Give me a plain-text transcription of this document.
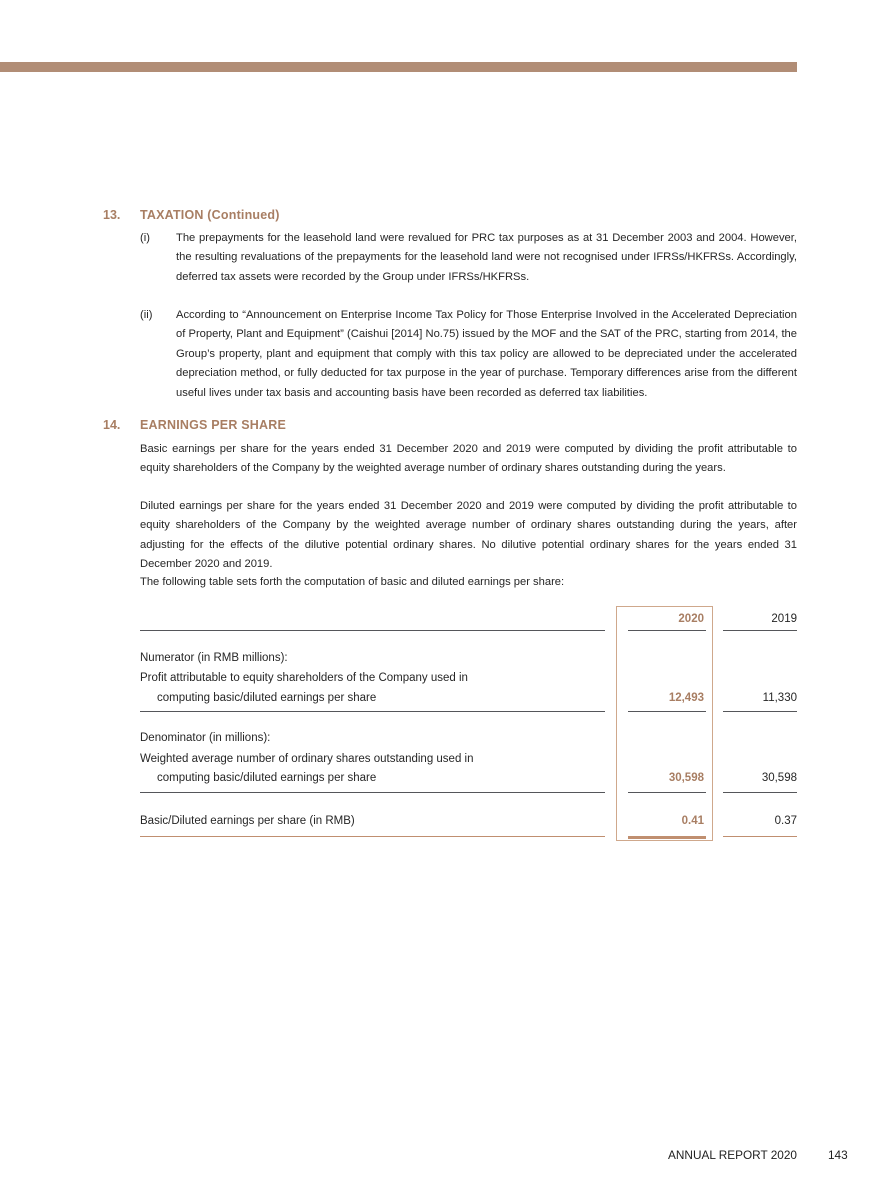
13. TAXATION (Continued)
(i) The prepayments for the leasehold land were revalued for PRC tax purposes as at 31 December 2003 and 2004. However, the resulting revaluations of the prepayments for the leasehold land were not recognised under IFRSs/HKFRSs. Accordingly, deferred tax assets were recorded by the Group under IFRSs/HKFRSs.
(ii) According to “Announcement on Enterprise Income Tax Policy for Those Enterprise Involved in the Accelerated Depreciation of Property, Plant and Equipment” (Caishui [2014] No.75) issued by the MOF and the SAT of the PRC, starting from 2014, the Group’s property, plant and equipment that comply with this tax policy are allowed to be depreciated under the accelerated depreciation method, or fully deducted for tax purpose in the year of purchase. Temporary differences arise from the different useful lives under tax basis and accounting basis have been recorded as deferred tax liabilities.
14. EARNINGS PER SHARE
Basic earnings per share for the years ended 31 December 2020 and 2019 were computed by dividing the profit attributable to equity shareholders of the Company by the weighted average number of ordinary shares outstanding during the years.
Diluted earnings per share for the years ended 31 December 2020 and 2019 were computed by dividing the profit attributable to equity shareholders of the Company by the weighted average number of ordinary shares outstanding during the years, after adjusting for the effects of the dilutive potential ordinary shares. No dilutive potential ordinary shares for the years ended 31 December 2020 and 2019.
The following table sets forth the computation of basic and diluted earnings per share:
2020	2019
Numerator (in RMB millions):
Profit attributable to equity shareholders of the Company used in
computing basic/diluted earnings per share	12,493	11,330
Denominator (in millions):
Weighted average number of ordinary shares outstanding used in
computing basic/diluted earnings per share	30,598	30,598
Basic/Diluted earnings per share (in RMB)	0.41	0.37
ANNUAL REPORT 2020	143
